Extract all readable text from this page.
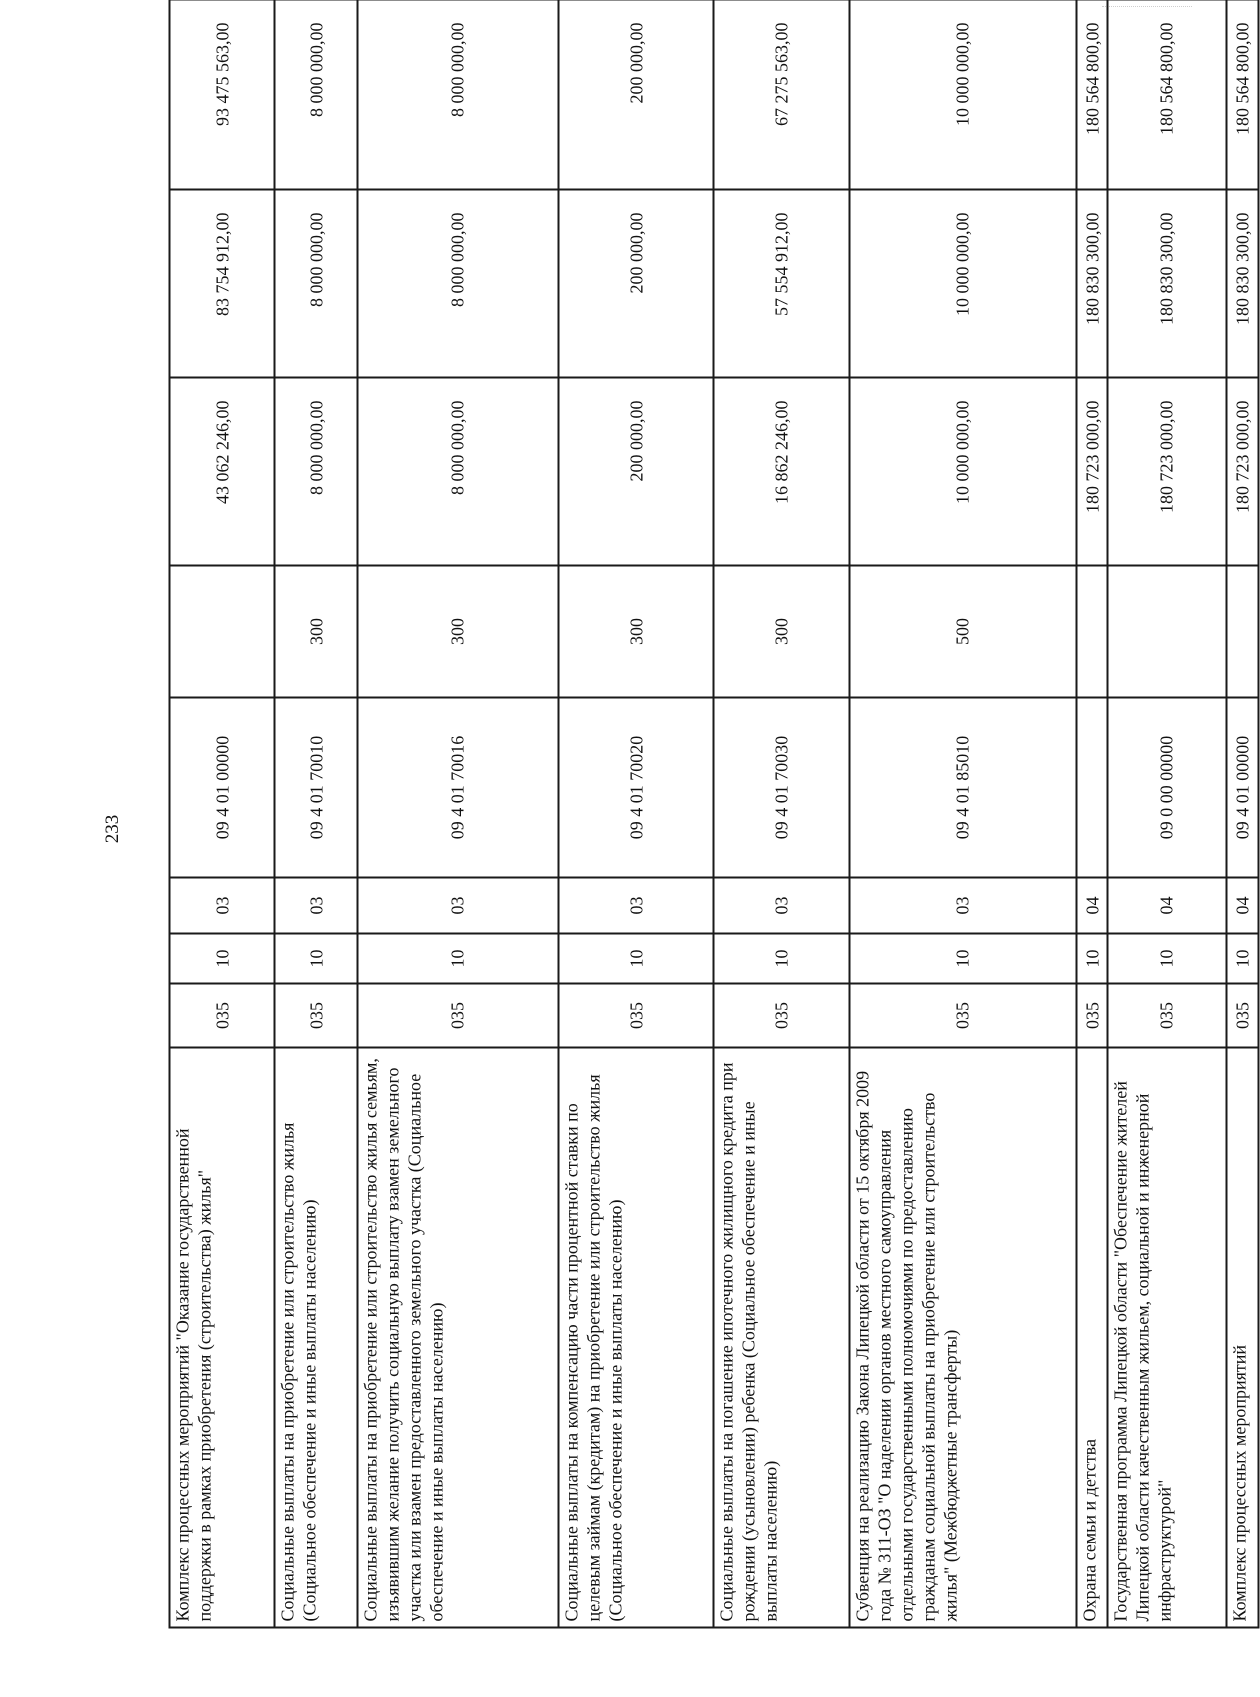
233
Комплекс процессных мероприятий "Оказание государственной поддержки в рамках приобретения (строительства) жилья"	035	10	03	09 4 01 00000		43 062 246,00	83 754 912,00	93 475 563,00
Социальные выплаты на приобретение или строительство жилья (Социальное обеспечение и иные выплаты населению)	035	10	03	09 4 01 70010	300	8 000 000,00	8 000 000,00	8 000 000,00
Социальные выплаты на приобретение или строительство жилья семьям, изъявившим желание получить социальную выплату взамен земельного участка или взамен предоставленного земельного участка (Социальное обеспечение и иные выплаты населению)	035	10	03	09 4 01 70016	300	8 000 000,00	8 000 000,00	8 000 000,00
Социальные выплаты на компенсацию части процентной ставки по целевым займам (кредитам) на приобретение или строительство жилья (Социальное обеспечение и иные выплаты населению)	035	10	03	09 4 01 70020	300	200 000,00	200 000,00	200 000,00
Социальные выплаты на погашение ипотечного жилищного кредита при рождении (усыновлении) ребенка (Социальное обеспечение и иные выплаты населению)	035	10	03	09 4 01 70030	300	16 862 246,00	57 554 912,00	67 275 563,00
Субвенция на реализацию Закона Липецкой области от 15 октября 2009 года № 311-ОЗ "О наделении органов местного самоуправления отдельными государственными полномочиями по предоставлению гражданам социальной выплаты на приобретение или строительство жилья" (Межбюджетные трансферты)	035	10	03	09 4 01 85010	500	10 000 000,00	10 000 000,00	10 000 000,00
Охрана семьи и детства	035	10	04			180 723 000,00	180 830 300,00	180 564 800,00
Государственная программа Липецкой области "Обеспечение жителей Липецкой области качественным жильем, социальной и инженерной инфраструктурой"	035	10	04	09 0 00 00000		180 723 000,00	180 830 300,00	180 564 800,00
Комплекс процессных мероприятий	035	10	04	09 4 01 00000		180 723 000,00	180 830 300,00	180 564 800,00
